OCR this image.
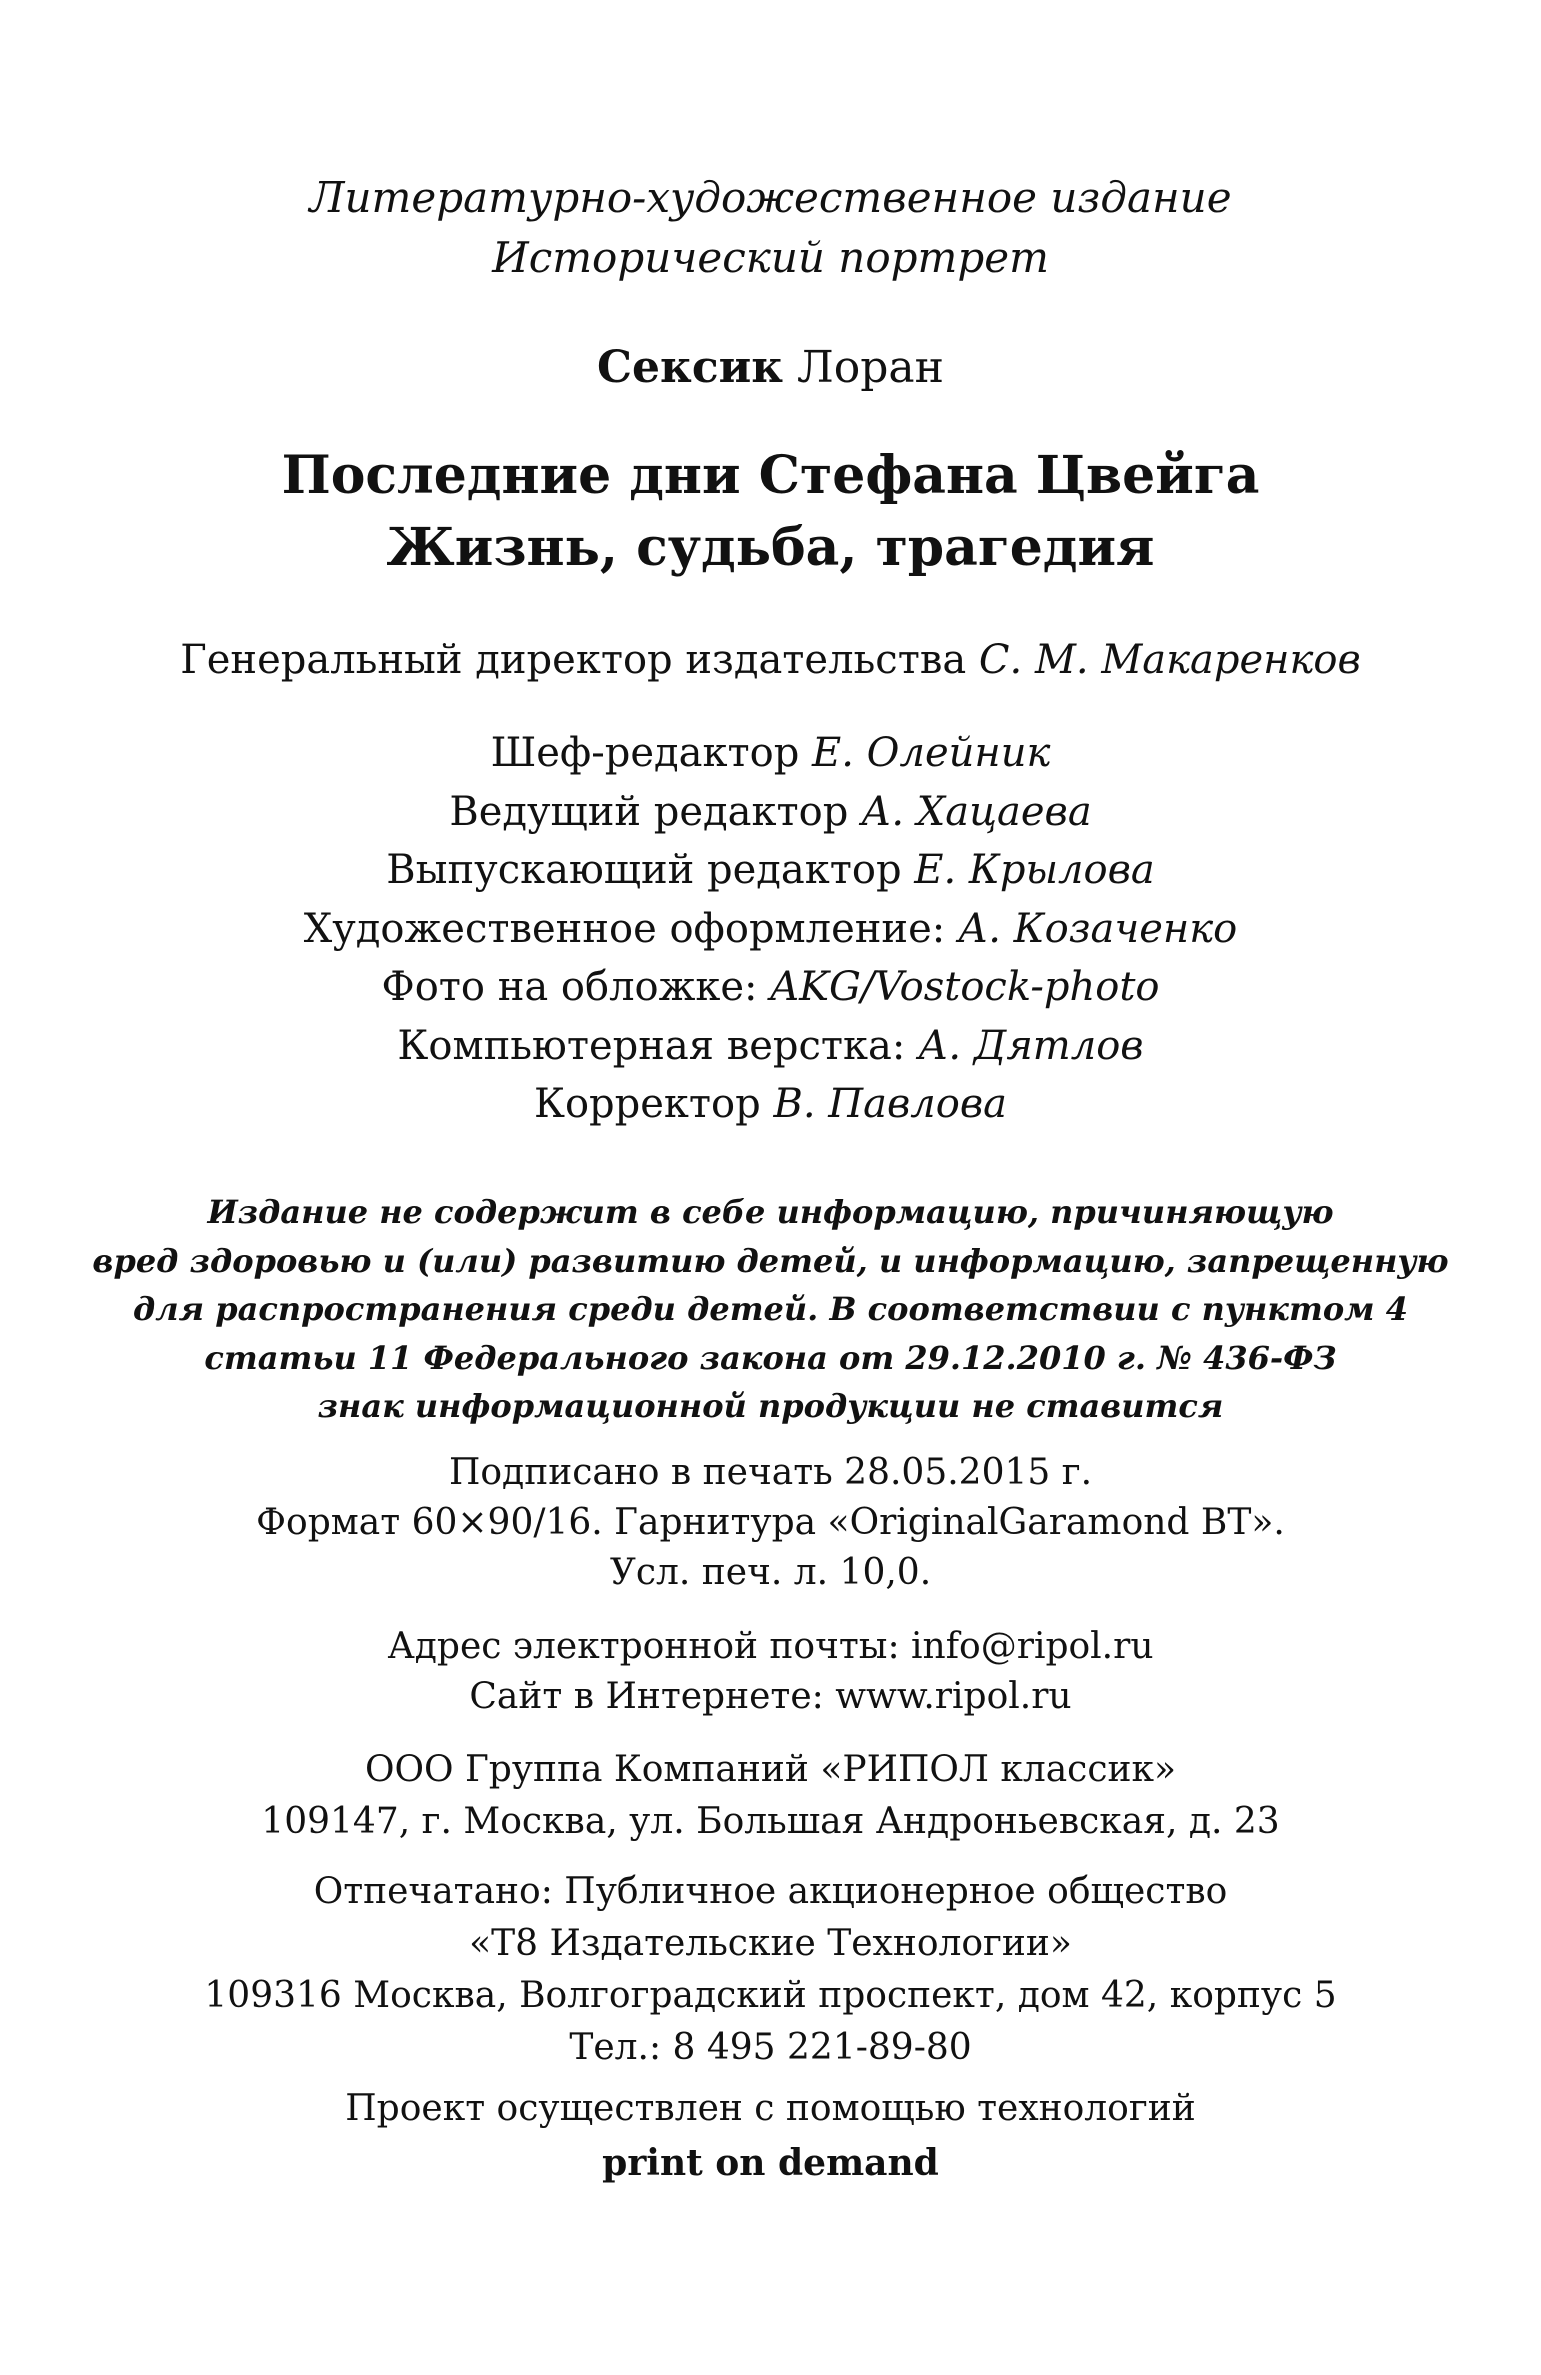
Литературно-художественное издание
Исторический портрет
Сексик Лоран
Последние дни Стефана Цвейга
Жизнь, судьба, трагедия
Генеральный директор издательства С. М. Макаренков
Шеф-редактор Е. Олейник
Ведущий редактор А. Хацаева
Выпускающий редактор Е. Крылова
Художественное оформление: А. Козаченко
Фото на обложке: AKG/Vostock-photo
Компьютерная верстка: А. Дятлов
Корректор В. Павлова
Издание не содержит в себе информацию, причиняющую
вред здоровью и (или) развитию детей, и информацию, запрещенную
для распространения среди детей. В соответствии с пунктом 4
статьи 11 Федерального закона от 29.12.2010 г. № 436-ФЗ
знак информационной продукции не ставится
Подписано в печать 28.05.2015 г.
Формат 60×90/16. Гарнитура «OriginalGaramond BT».
Усл. печ. л. 10,0.
Адрес электронной почты: info@ripol.ru
Сайт в Интернете: www.ripol.ru
ООО Группа Компаний «РИПОЛ классик»
109147, г. Москва, ул. Большая Андроньевская, д. 23
Отпечатано: Публичное акционерное общество
«Т8 Издательские Технологии»
109316 Москва, Волгоградский проспект, дом 42, корпус 5
Тел.: 8 495 221-89-80
Проект осуществлен с помощью технологий
print on demand
